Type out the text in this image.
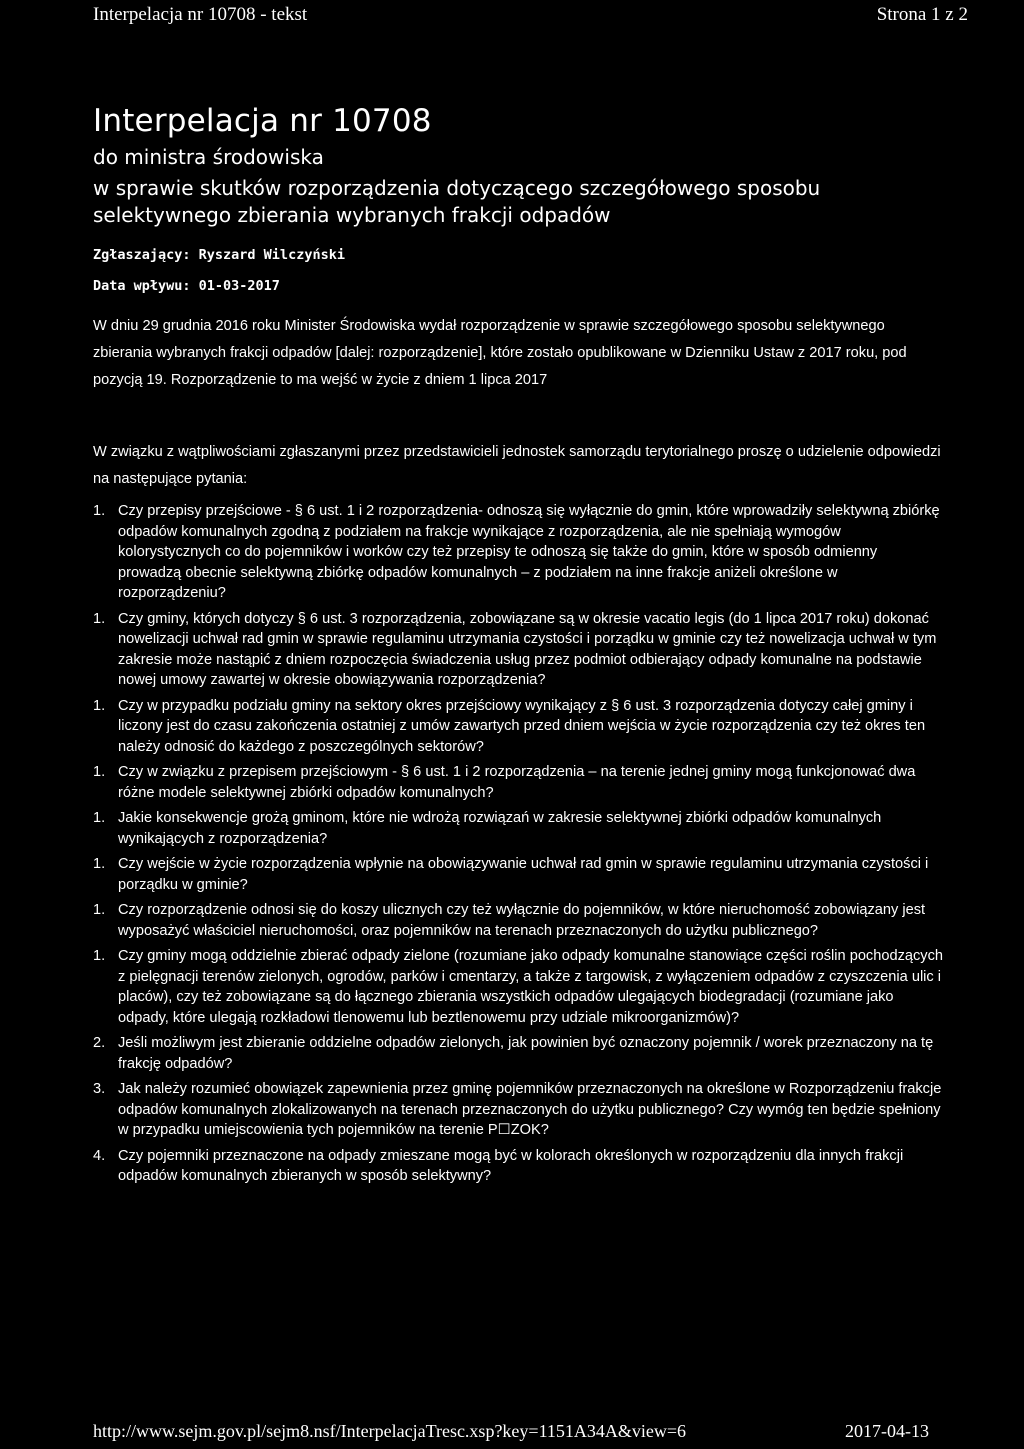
Interpelacja nr 10708 - tekst	Strona 1 z 2
Interpelacja nr 10708
do ministra środowiska
w sprawie skutków rozporządzenia dotyczącego szczegółowego sposobu selektywnego zbierania wybranych frakcji odpadów
Zgłaszający: Ryszard Wilczyński
Data wpływu: 01-03-2017

W dniu 29 grudnia 2016 roku Minister Środowiska wydał rozporządzenie w sprawie szczegółowego sposobu selektywnego zbierania wybranych frakcji odpadów [dalej: rozporządzenie], które zostało opublikowane w Dzienniku Ustaw z 2017 roku, pod pozycją 19. Rozporządzenie to ma wejść w życie z dniem 1 lipca 2017

W związku z wątpliwościami zgłaszanymi przez przedstawicieli jednostek samorządu terytorialnego proszę o udzielenie odpowiedzi na następujące pytania:

1. Czy przepisy przejściowe - § 6 ust. 1 i 2 rozporządzenia- odnoszą się wyłącznie do gmin, które wprowadziły selektywną zbiórkę odpadów komunalnych zgodną z podziałem na frakcje wynikające z rozporządzenia, ale nie spełniają wymogów kolorystycznych co do pojemników i worków czy też przepisy te odnoszą się także do gmin, które w sposób odmienny prowadzą obecnie selektywną zbiórkę odpadów komunalnych – z podziałem na inne frakcje aniżeli określone w rozporządzeniu?
1. Czy gminy, których dotyczy § 6 ust. 3 rozporządzenia, zobowiązane są w okresie vacatio legis (do 1 lipca 2017 roku) dokonać nowelizacji uchwał rad gmin w sprawie regulaminu utrzymania czystości i porządku w gminie czy też nowelizacja uchwał w tym zakresie może nastąpić z dniem rozpoczęcia świadczenia usług przez podmiot odbierający odpady komunalne na podstawie nowej umowy zawartej w okresie obowiązywania rozporządzenia?
1. Czy w przypadku podziału gminy na sektory okres przejściowy wynikający z § 6 ust. 3 rozporządzenia dotyczy całej gminy i liczony jest do czasu zakończenia ostatniej z umów zawartych przed dniem wejścia w życie rozporządzenia czy też okres ten należy odnosić do każdego z poszczególnych sektorów?
1. Czy w związku z przepisem przejściowym - § 6 ust. 1 i 2 rozporządzenia – na terenie jednej gminy mogą funkcjonować dwa różne modele selektywnej zbiórki odpadów komunalnych?
1. Jakie konsekwencje grożą gminom, które nie wdrożą rozwiązań w zakresie selektywnej zbiórki odpadów komunalnych wynikających z rozporządzenia?
1. Czy wejście w życie rozporządzenia wpłynie na obowiązywanie uchwał rad gmin w sprawie regulaminu utrzymania czystości i porządku w gminie?
1. Czy rozporządzenie odnosi się do koszy ulicznych czy też wyłącznie do pojemników, w które nieruchomość zobowiązany jest wyposażyć właściciel nieruchomości, oraz pojemników na terenach przeznaczonych do użytku publicznego?
1. Czy gminy mogą oddzielnie zbierać odpady zielone (rozumiane jako odpady komunalne stanowiące części roślin pochodzących z pielęgnacji terenów zielonych, ogrodów, parków i cmentarzy, a także z targowisk, z wyłączeniem odpadów z czyszczenia ulic i placów), czy też zobowiązane są do łącznego zbierania wszystkich odpadów ulegających biodegradacji (rozumiane jako odpady, które ulegają rozkładowi tlenowemu lub beztlenowemu przy udziale mikroorganizmów)?
2. Jeśli możliwym jest zbieranie oddzielne odpadów zielonych, jak powinien być oznaczony pojemnik / worek przeznaczony na tę frakcję odpadów?
3. Jak należy rozumieć obowiązek zapewnienia przez gminę pojemników przeznaczonych na określone w Rozporządzeniu frakcje odpadów komunalnych zlokalizowanych na terenach przeznaczonych do użytku publicznego? Czy wymóg ten będzie spełniony w przypadku umiejscowienia tych pojemników na terenie P☐ZOK?
4. Czy pojemniki przeznaczone na odpady zmieszane mogą być w kolorach określonych w rozporządzeniu dla innych frakcji odpadów komunalnych zbieranych w sposób selektywny?
http://www.sejm.gov.pl/sejm8.nsf/InterpelacjaTresc.xsp?key=1151A34A&view=6	2017-04-13
